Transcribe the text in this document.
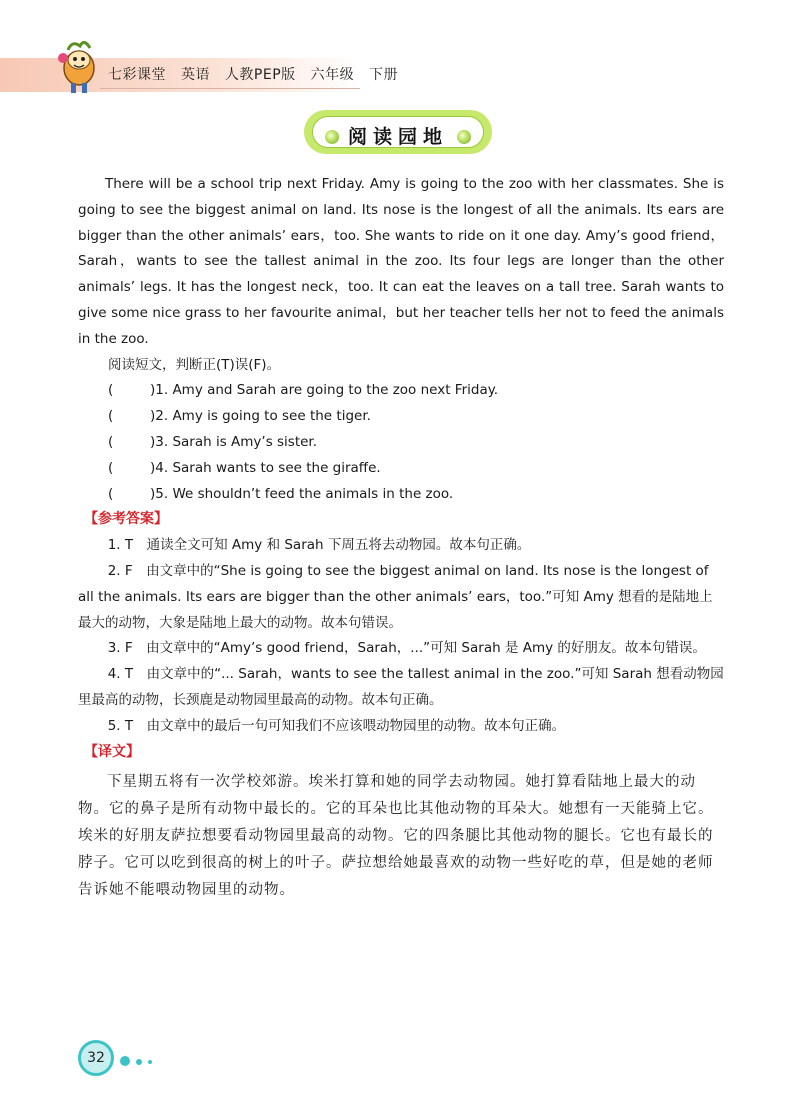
七彩课堂 英语 人教PEP版 六年级 下册
阅读园地

There will be a school trip next Friday. Amy is going to the zoo with her classmates. She is going to see the biggest animal on land. Its nose is the longest of all the animals. Its ears are bigger than the other animals’ ears，too. She wants to ride on it one day. Amy’s good friend，Sarah，wants to see the tallest animal in the zoo. Its four legs are longer than the other animals’ legs. It has the longest neck，too. It can eat the leaves on a tall tree. Sarah wants to give some nice grass to her favourite animal，but her teacher tells her not to feed the animals in the zoo.

阅读短文，判断正(T)误(F)。

(	)1. Amy and Sarah are going to the zoo next Friday.

(	)2. Amy is going to see the tiger.

(	)3. Sarah is Amy’s sister.

(	)4. Sarah wants to see the giraffe.

(	)5. We shouldn’t feed the animals in the zoo.

【参考答案】

1. T　通读全文可知 Amy 和 Sarah 下周五将去动物园。故本句正确。

2. F　由文章中的“She is going to see the biggest animal on land. Its nose is the longest of all the animals. Its ears are bigger than the other animals’ ears，too.”可知 Amy 想看的是陆地上最大的动物，大象是陆地上最大的动物。故本句错误。

3. F　由文章中的“Amy’s good friend，Sarah，...”可知 Sarah 是 Amy 的好朋友。故本句错误。

4. T　由文章中的“... Sarah，wants to see the tallest animal in the zoo.”可知 Sarah 想看动物园里最高的动物，长颈鹿是动物园里最高的动物。故本句正确。

5. T　由文章中的最后一句可知我们不应该喂动物园里的动物。故本句正确。

【译文】

下星期五将有一次学校郊游。埃米打算和她的同学去动物园。她打算看陆地上最大的动物。它的鼻子是所有动物中最长的。它的耳朵也比其他动物的耳朵大。她想有一天能骑上它。埃米的好朋友萨拉想要看动物园里最高的动物。它的四条腿比其他动物的腿长。它也有最长的脖子。它可以吃到很高的树上的叶子。萨拉想给她最喜欢的动物一些好吃的草，但是她的老师告诉她不能喂动物园里的动物。

32
